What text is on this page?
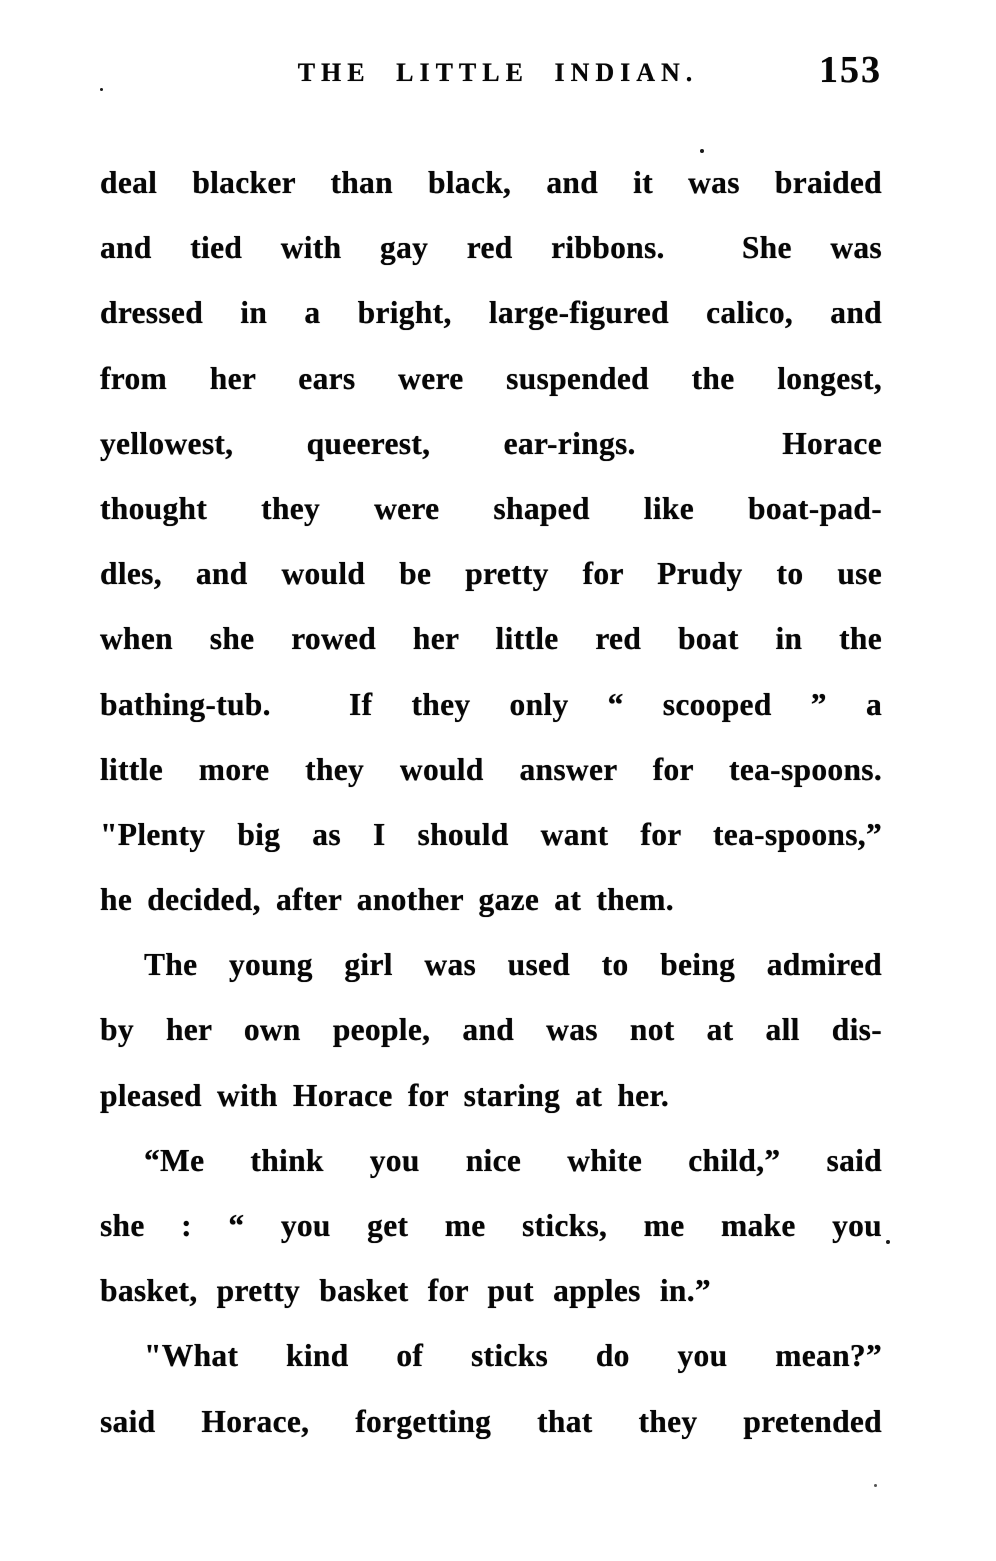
THE LITTLE INDIAN.	153
deal blacker than black, and it was braided
and tied with gay red ribbons.  She was
dressed in a bright, large-figured calico, and
from her ears were suspended the longest,
yellowest, queerest, ear-rings.  Horace
thought they were shaped like boat-pad-
dles, and would be pretty for Prudy to use
when she rowed her little red boat in the
bathing-tub.  If they only “ scooped ” a
little more they would answer for tea-spoons.
"Plenty big as I should want for tea-spoons,”
he decided, after another gaze at them.
The young girl was used to being admired
by her own people, and was not at all dis-
pleased with Horace for staring at her.
“Me think you nice white child,” said
she : “ you get me sticks, me make you
basket, pretty basket for put apples in.”
"What kind of sticks do you mean?”
said Horace, forgetting that they pretended
